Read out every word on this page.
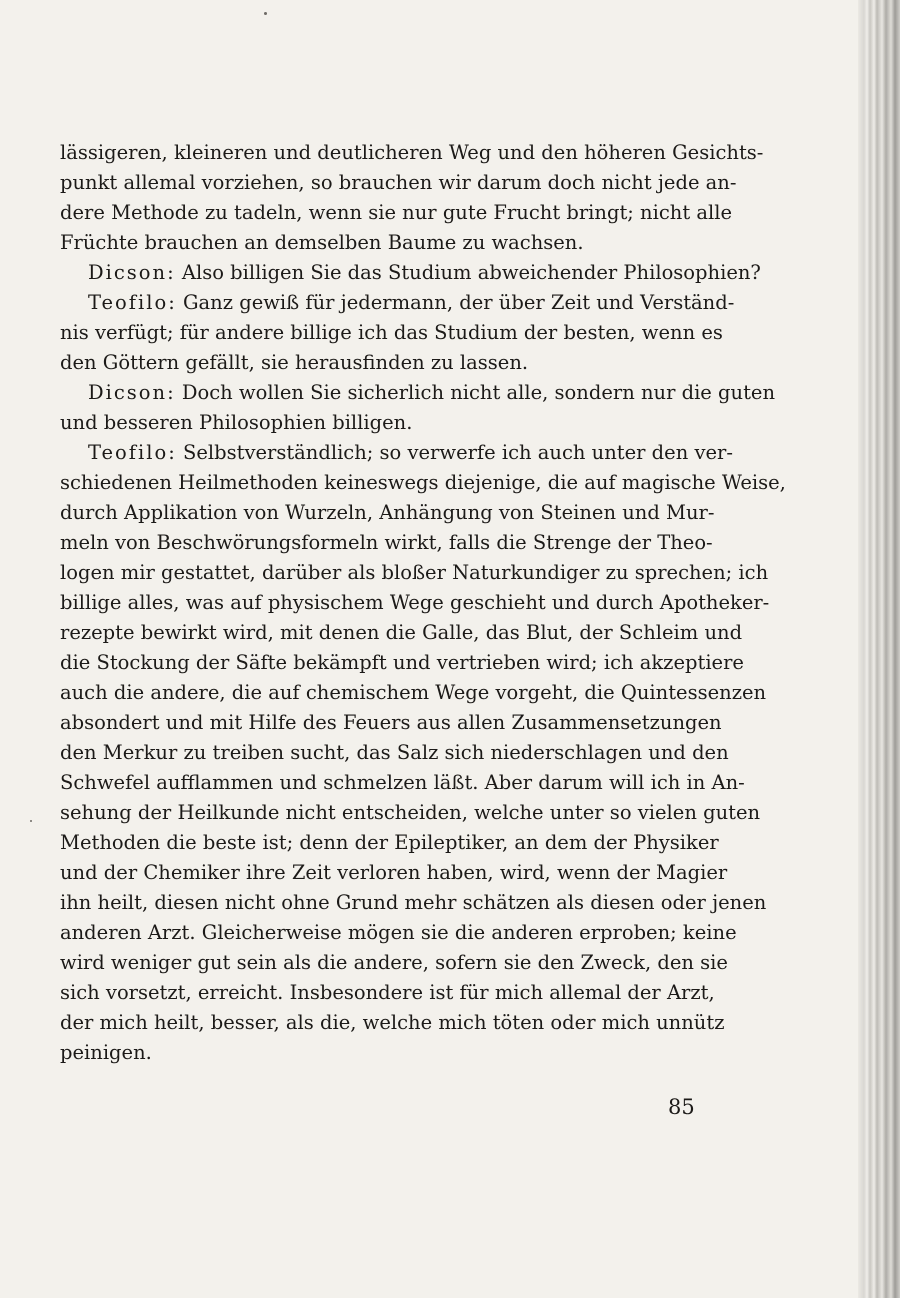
lässigeren, kleineren und deutlicheren Weg und den höheren Gesichts-
punkt allemal vorziehen, so brauchen wir darum doch nicht jede an-
dere Methode zu tadeln, wenn sie nur gute Frucht bringt; nicht alle
Früchte brauchen an demselben Baume zu wachsen.
Dicson: Also billigen Sie das Studium abweichender Philosophien?
Teofilo: Ganz gewiß für jedermann, der über Zeit und Verständ-
nis verfügt; für andere billige ich das Studium der besten, wenn es
den Göttern gefällt, sie herausfinden zu lassen.
Dicson: Doch wollen Sie sicherlich nicht alle, sondern nur die guten
und besseren Philosophien billigen.
Teofilo: Selbstverständlich; so verwerfe ich auch unter den ver-
schiedenen Heilmethoden keineswegs diejenige, die auf magische Weise,
durch Applikation von Wurzeln, Anhängung von Steinen und Mur-
meln von Beschwörungsformeln wirkt, falls die Strenge der Theo-
logen mir gestattet, darüber als bloßer Naturkundiger zu sprechen; ich
billige alles, was auf physischem Wege geschieht und durch Apotheker-
rezepte bewirkt wird, mit denen die Galle, das Blut, der Schleim und
die Stockung der Säfte bekämpft und vertrieben wird; ich akzeptiere
auch die andere, die auf chemischem Wege vorgeht, die Quintessenzen
absondert und mit Hilfe des Feuers aus allen Zusammensetzungen
den Merkur zu treiben sucht, das Salz sich niederschlagen und den
Schwefel aufflammen und schmelzen läßt. Aber darum will ich in An-
sehung der Heilkunde nicht entscheiden, welche unter so vielen guten
Methoden die beste ist; denn der Epileptiker, an dem der Physiker
und der Chemiker ihre Zeit verloren haben, wird, wenn der Magier
ihn heilt, diesen nicht ohne Grund mehr schätzen als diesen oder jenen
anderen Arzt. Gleicherweise mögen sie die anderen erproben; keine
wird weniger gut sein als die andere, sofern sie den Zweck, den sie
sich vorsetzt, erreicht. Insbesondere ist für mich allemal der Arzt,
der mich heilt, besser, als die, welche mich töten oder mich unnütz
peinigen.
85
